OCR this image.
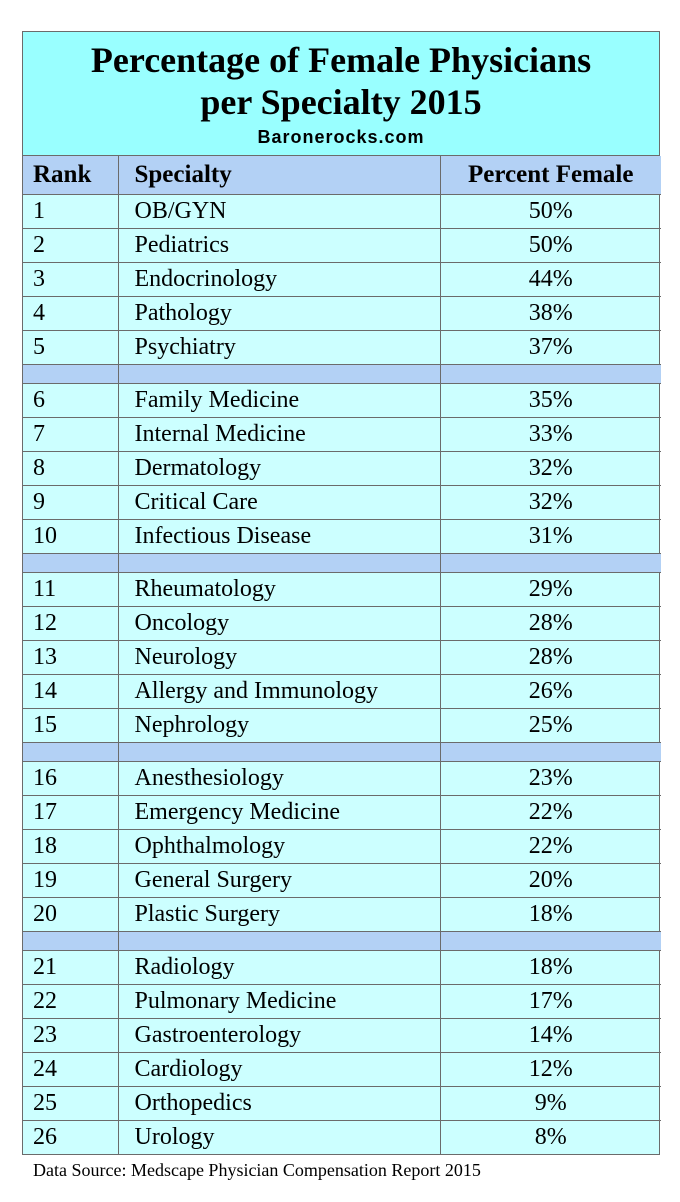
Percentage of Female Physicians
per Specialty 2015
Baronerocks.com
Rank	Specialty	Percent Female
1	OB/GYN	50%
2	Pediatrics	50%
3	Endocrinology	44%
4	Pathology	38%
5	Psychiatry	37%

6	Family Medicine	35%
7	Internal Medicine	33%
8	Dermatology	32%
9	Critical Care	32%
10	Infectious Disease	31%

11	Rheumatology	29%
12	Oncology	28%
13	Neurology	28%
14	Allergy and Immunology	26%
15	Nephrology	25%

16	Anesthesiology	23%
17	Emergency Medicine	22%
18	Ophthalmology	22%
19	General Surgery	20%
20	Plastic Surgery	18%

21	Radiology	18%
22	Pulmonary Medicine	17%
23	Gastroenterology	14%
24	Cardiology	12%
25	Orthopedics	9%
26	Urology	8%
Data Source: Medscape Physician Compensation Report 2015
